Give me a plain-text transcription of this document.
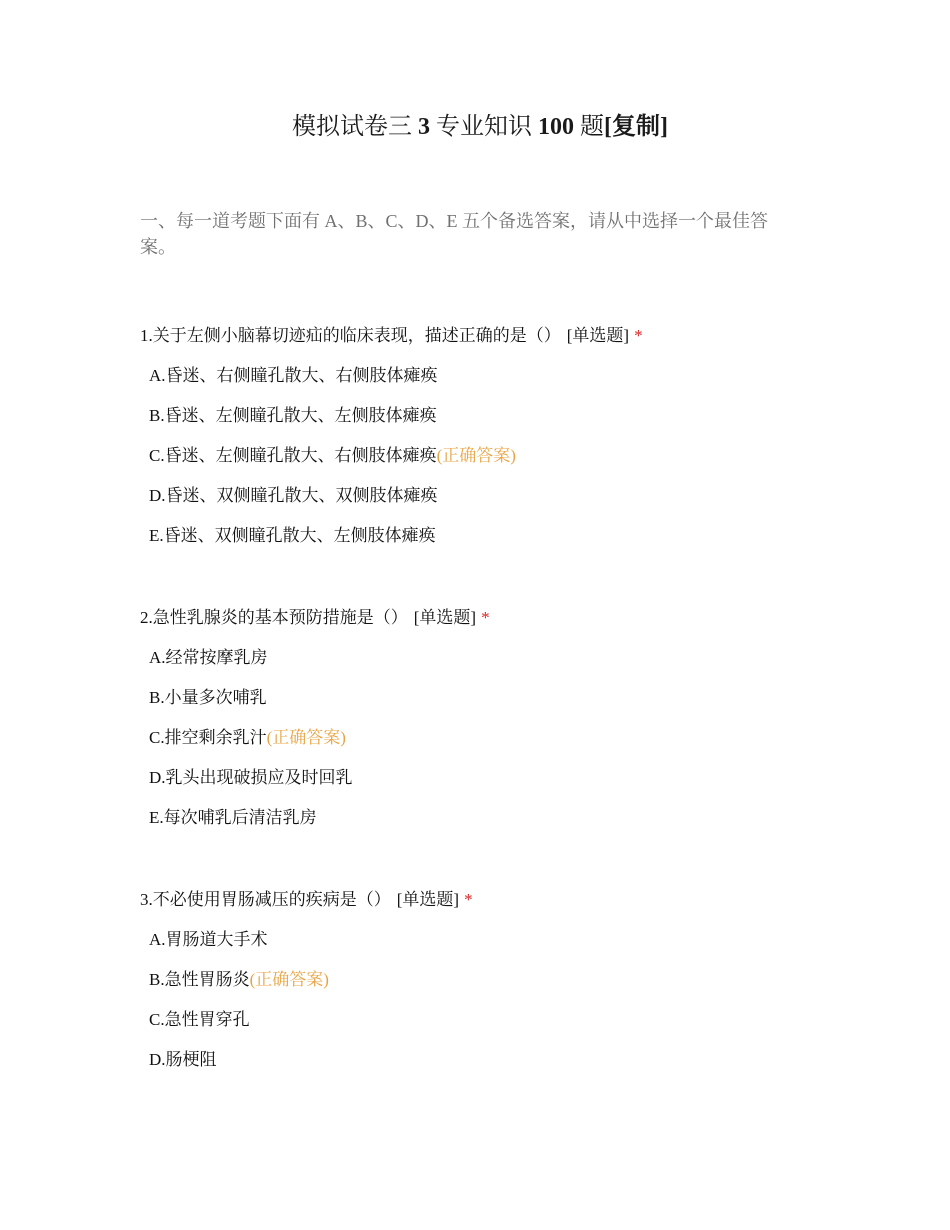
模拟试卷三 3 专业知识 100 题[复制]
一、每一道考题下面有 A、B、C、D、E 五个备选答案，请从中选择一个最佳答案。
1.关于左侧小脑幕切迹疝的临床表现，描述正确的是（） [单选题] *
A.昏迷、右侧瞳孔散大、右侧肢体瘫痪
B.昏迷、左侧瞳孔散大、左侧肢体瘫痪
C.昏迷、左侧瞳孔散大、右侧肢体瘫痪(正确答案)
D.昏迷、双侧瞳孔散大、双侧肢体瘫痪
E.昏迷、双侧瞳孔散大、左侧肢体瘫痪
2.急性乳腺炎的基本预防措施是（） [单选题] *
A.经常按摩乳房
B.小量多次哺乳
C.排空剩余乳汁(正确答案)
D.乳头出现破损应及时回乳
E.每次哺乳后清洁乳房
3.不必使用胃肠减压的疾病是（） [单选题] *
A.胃肠道大手术
B.急性胃肠炎(正确答案)
C.急性胃穿孔
D.肠梗阻
